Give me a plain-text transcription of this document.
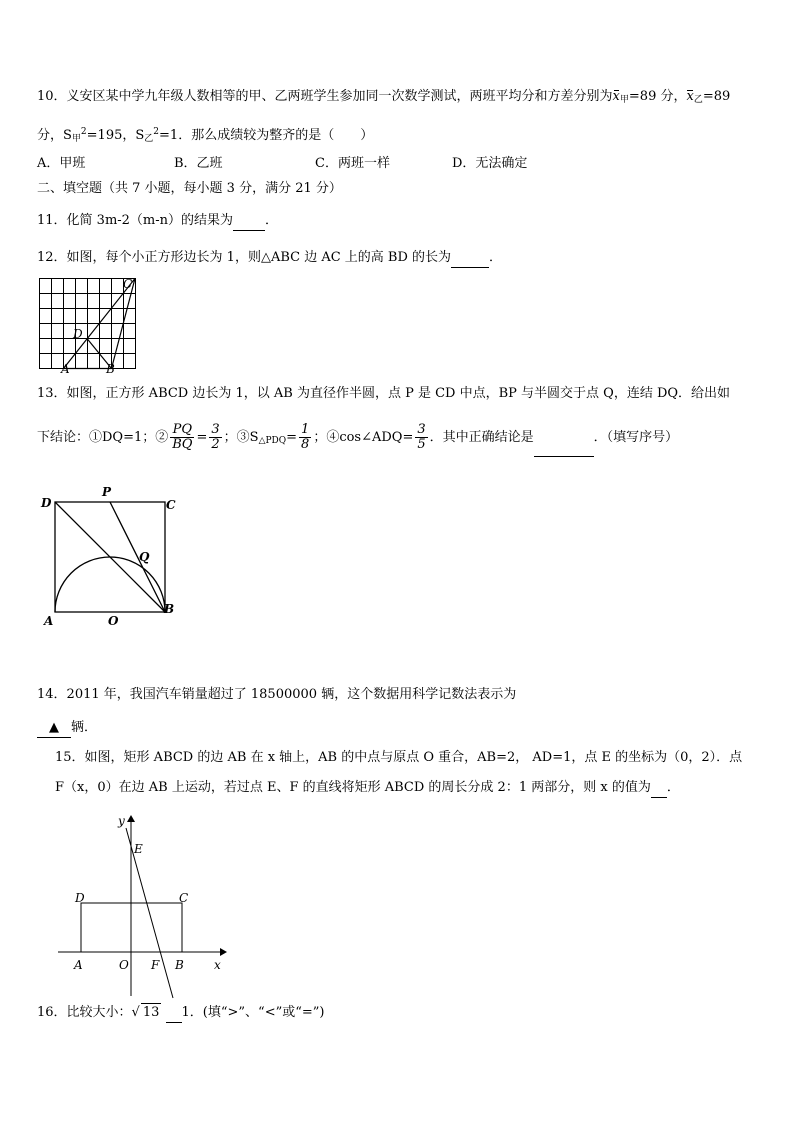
10．义安区某中学九年级人数相等的甲、乙两班学生参加同一次数学测试，两班平均分和方差分别为$x_甲=89$ 分，$x_乙=89$
分，$S_甲^2=195$，$S_乙^2=1$．那么成绩较为整齐的是（　　）
A．甲班	B．乙班	C．两班一样	D．无法确定
二、填空题（共 7 小题，每小题 3 分，满分 21 分）
11．化简 3m-2（m-n）的结果为 ．
12．如图，每个小正方形边长为 1，则△ABC 边 AC 上的高 BD 的长为	．
C
D
A	B
13．如图，正方形 ABCD 边长为 1，以 AB 为直径作半圆，点 P 是 CD 中点，BP 与半圆交于点 Q，连结 DQ．给出如
下结论：①DQ=1；② $\frac{PQ}{BQ} = \frac{3}{2}$ ；$③S_{\triangle PDQ}= \frac{1}{8}$ ；④cos∠ADQ= $\frac{3}{5}$ ．其中正确结论是	．（填写序号）
D
P
C
Q
A	O
B
14．2011 年，我国汽车销量超过了 18500000 辆，这个数据用科学记数法表示为
▲ 辆．
15．如图，矩形 ABCD 的边 AB 在 x 轴上，AB 的中点与原点 O 重合，AB=2， AD=1，点 E 的坐标为（0，2）．点
F（x，0）在边 AB 上运动，若过点 E、F 的直线将矩形 ABCD 的周长分成 2：1 两部分，则 x 的值为 ．
y
E
D	C
A	O F B	x
16．比较大小：√ 13 1．(填“>”、“<”或“=”)
